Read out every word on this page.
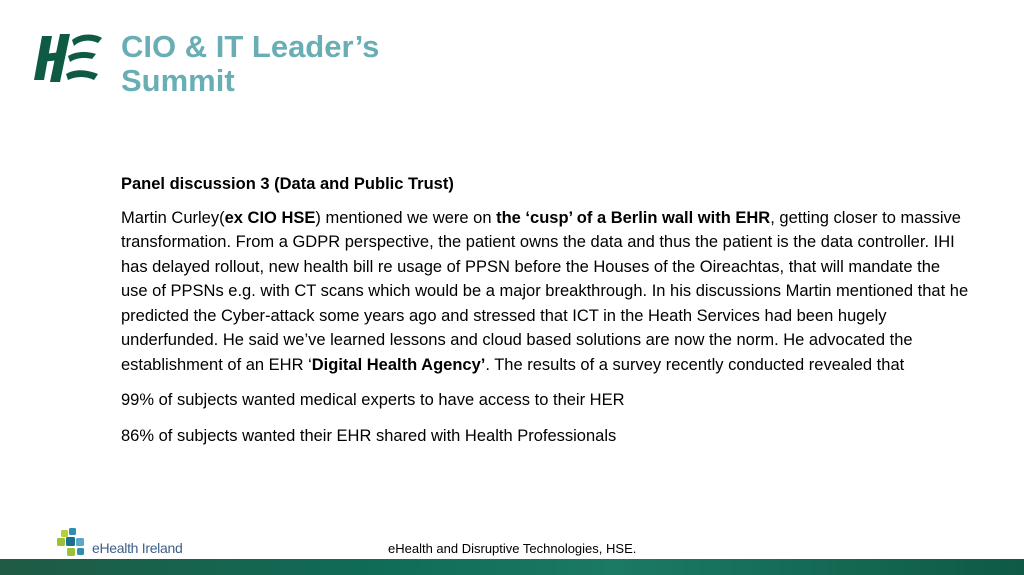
CIO & IT Leader’s
Summit

Panel discussion 3 (Data and Public Trust)

Martin Curley(ex CIO HSE) mentioned we were on the ‘cusp’ of a Berlin wall with EHR, getting closer to massive transformation. From a GDPR perspective, the patient owns the data and thus the patient is the data controller. IHI has delayed rollout, new health bill re usage of PPSN before the Houses of the Oireachtas, that will mandate the use of PPSNs e.g. with CT scans which would be a major breakthrough. In his discussions Martin mentioned that he predicted the Cyber-attack some years ago and stressed that ICT in the Heath Services had been hugely underfunded. He said we’ve learned lessons and cloud based solutions are now the norm. He advocated the establishment of an EHR ‘Digital Health Agency’. The results of a survey recently conducted revealed that

99% of subjects wanted medical experts to have access to their HER

86% of subjects wanted their EHR shared with Health Professionals

eHealth Ireland	eHealth and Disruptive Technologies, HSE.
